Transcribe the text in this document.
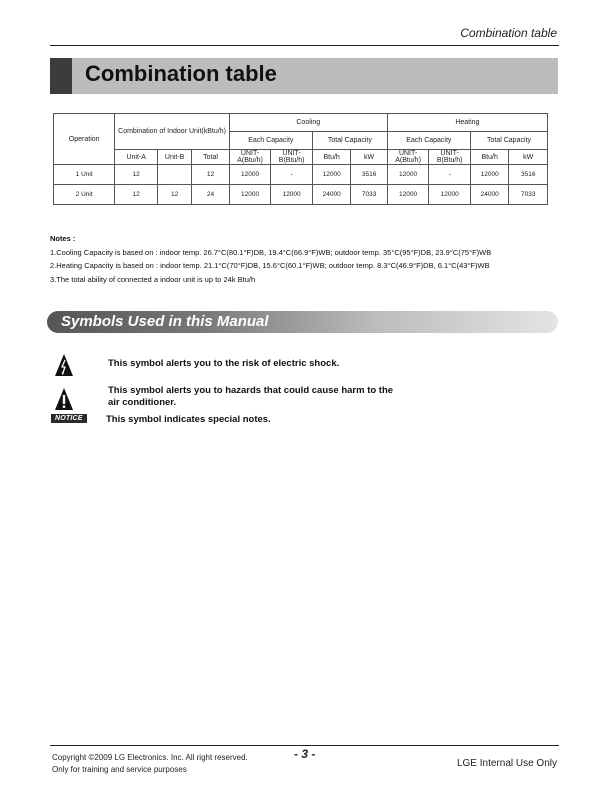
Combination table
Combination table
Operation	Combination of Indoor Unit(kBtu/h)			Cooling				Heating			
				Each Capacity		Total Capacity		Each Capacity		Total Capacity	
	Unit-A	Unit-B	Total	UNIT-A(Btu/h)	UNIT-B(Btu/h)	Btu/h	kW	UNIT-A(Btu/h)	UNIT-B(Btu/h)	Btu/h	kW
1 Unit	12		12	12000	-	12000	3516	12000	-	12000	3516
2 Unit	12	12	24	12000	12000	24000	7033	12000	12000	24000	7033
Notes :
1.Cooling Capacity is based on : indoor temp. 26.7°C(80.1°F)DB, 19.4°C(66.9°F)WB; outdoor temp. 35°C(95°F)DB, 23.9°C(75°F)WB
2.Heating Capacity is based on : indoor temp. 21.1°C(70°F)DB, 15.6°C(60.1°F)WB; outdoor temp. 8.3°C(46.9°F)DB, 6.1°C(43°F)WB
3.The total ability of connected a indoor unit is up to 24k Btu/h
Symbols Used in this Manual
This symbol alerts you to the risk of electric shock.
This symbol alerts you to hazards that could cause harm to the
air conditioner.
NOTICE	This symbol indicates special notes.
Copyright ©2009 LG Electronics. Inc. All right reserved.
Only for training and service purposes
- 3 -
LGE Internal Use Only
